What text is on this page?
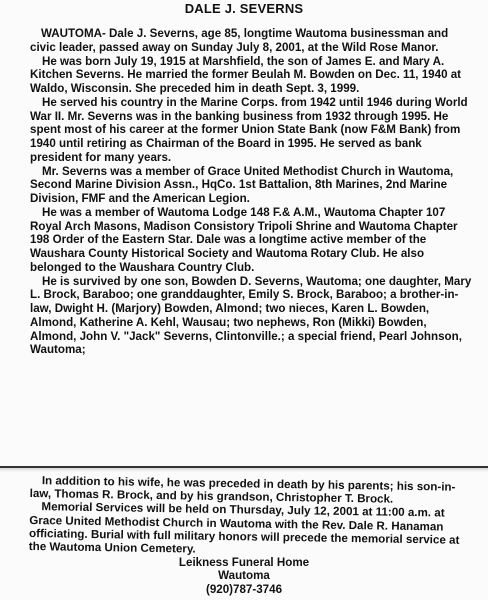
DALE J. SEVERNS

WAUTOMA- Dale J. Severns, age 85, longtime Wautoma businessman and civic leader, passed away on Sunday July 8, 2001, at the Wild Rose Manor.

He was born July 19, 1915 at Marshfield, the son of James E. and Mary A. Kitchen Severns. He married the former Beulah M. Bowden on Dec. 11, 1940 at Waldo, Wisconsin. She preceded him in death Sept. 3, 1999.

He served his country in the Marine Corps. from 1942 until 1946 during World War II. Mr. Severns was in the banking business from 1932 through 1995. He spent most of his career at the former Union State Bank (now F&M Bank) from 1940 until retiring as Chairman of the Board in 1995. He served as bank president for many years.

Mr. Severns was a member of Grace United Methodist Church in Wautoma, Second Marine Division Assn., HqCo. 1st Battalion, 8th Marines, 2nd Marine Division, FMF and the American Legion.

He was a member of Wautoma Lodge 148 F.& A.M., Wautoma Chapter 107 Royal Arch Masons, Madison Consistory Tripoli Shrine and Wautoma Chapter 198 Order of the Eastern Star. Dale was a longtime active member of the Waushara County Historical Society and Wautoma Rotary Club. He also belonged to the Waushara Country Club.

He is survived by one son, Bowden D. Severns, Wautoma; one daughter, Mary L. Brock, Baraboo; one granddaughter, Emily S. Brock, Baraboo; a brother-in-law, Dwight H. (Marjory) Bowden, Almond; two nieces, Karen L. Bowden, Almond, Katherine A. Kehl, Wausau; two nephews, Ron (Mikki) Bowden, Almond, John V. "Jack" Severns, Clintonville.; a special friend, Pearl Johnson, Wautoma;

In addition to his wife, he was preceded in death by his parents; his son-in-law, Thomas R. Brock, and by his grandson, Christopher T. Brock.

Memorial Services will be held on Thursday, July 12, 2001 at 11:00 a.m. at Grace United Methodist Church in Wautoma with the Rev. Dale R. Hanaman officiating. Burial with full military honors will precede the memorial service at the Wautoma Union Cemetery.

Leikness Funeral Home
Wautoma
(920)787-3746
